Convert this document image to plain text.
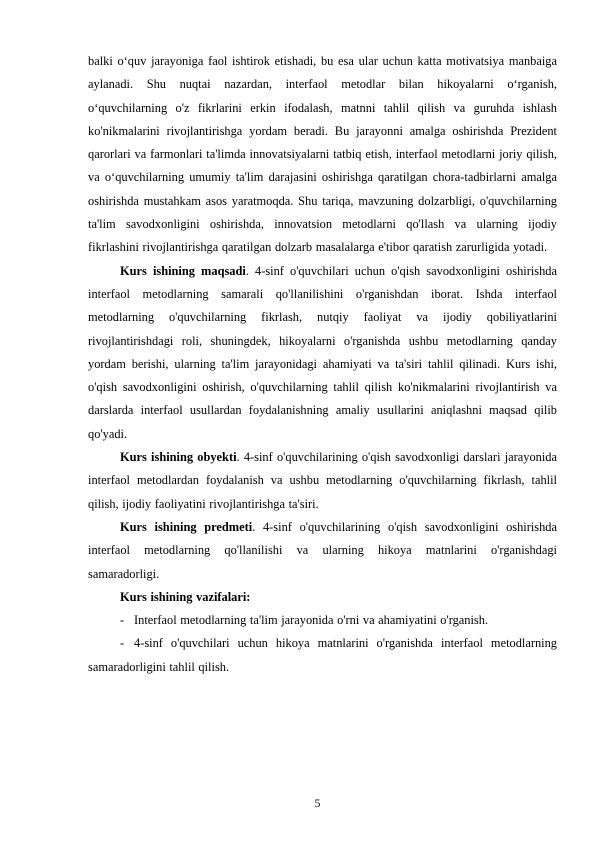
balki o‘quv jarayoniga faol ishtirok etishadi, bu esa ular uchun katta motivatsiya manbaiga aylanadi. Shu nuqtai nazardan, interfaol metodlar bilan hikoyalarni o‘rganish, o‘quvchilarning o'z fikrlarini erkin ifodalash, matnni tahlil qilish va guruhda ishlash ko'nikmalarini rivojlantirishga yordam beradi. Bu jarayonni amalga oshirishda Prezident qarorlari va farmonlari ta'limda innovatsiyalarni tatbiq etish, interfaol metodlarni joriy qilish, va o‘quvchilarning umumiy ta'lim darajasini oshirishga qaratilgan chora-tadbirlarni amalga oshirishda mustahkam asos yaratmoqda. Shu tariqa, mavzuning dolzarbligi, o'quvchilarning ta'lim savodxonligini oshirishda, innovatsion metodlarni qo'llash va ularning ijodiy fikrlashini rivojlantirishga qaratilgan dolzarb masalalarga e'tibor qaratish zarurligida yotadi.

Kurs ishining maqsadi. 4-sinf o'quvchilari uchun o'qish savodxonligini oshirishda interfaol metodlarning samarali qo'llanilishini o'rganishdan iborat. Ishda interfaol metodlarning o'quvchilarning fikrlash, nutqiy faoliyat va ijodiy qobiliyatlarini rivojlantirishdagi roli, shuningdek, hikoyalarni o'rganishda ushbu metodlarning qanday yordam berishi, ularning ta'lim jarayonidagi ahamiyati va ta'siri tahlil qilinadi. Kurs ishi, o'qish savodxonligini oshirish, o'quvchilarning tahlil qilish ko'nikmalarini rivojlantirish va darslarda interfaol usullardan foydalanishning amaliy usullarini aniqlashni maqsad qilib qo'yadi.

Kurs ishining obyekti. 4-sinf o'quvchilarining o'qish savodxonligi darslari jarayonida interfaol metodlardan foydalanish va ushbu metodlarning o'quvchilarning fikrlash, tahlil qilish, ijodiy faoliyatini rivojlantirishga ta'siri.

Kurs ishining predmeti. 4-sinf o'quvchilarining o'qish savodxonligini oshirishda interfaol metodlarning qo'llanilishi va ularning hikoya matnlarini o'rganishdagi samaradorligi.

Kurs ishining vazifalari:

- Interfaol metodlarning ta'lim jarayonida o'rni va ahamiyatini o'rganish.

- 4-sinf o'quvchilari uchun hikoya matnlarini o'rganishda interfaol metodlarning samaradorligini tahlil qilish.

5
